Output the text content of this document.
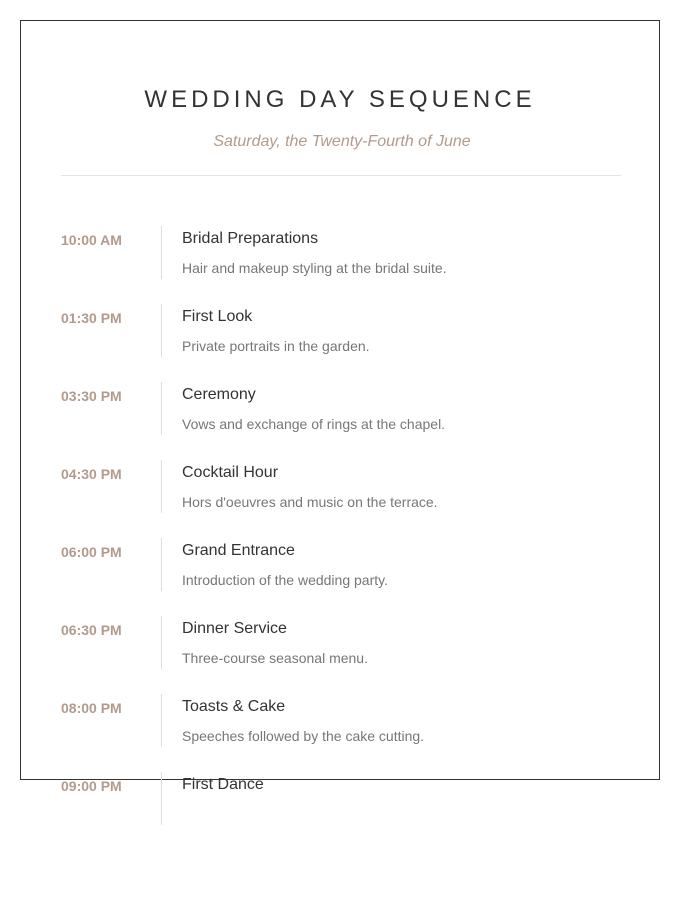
WEDDING DAY SEQUENCE
Saturday, the Twenty-Fourth of June
10:00 AM	Bridal Preparations
Hair and makeup styling at the bridal suite.
01:30 PM	First Look
Private portraits in the garden.
03:30 PM	Ceremony
Vows and exchange of rings at the chapel.
04:30 PM	Cocktail Hour
Hors d'oeuvres and music on the terrace.
06:00 PM	Grand Entrance
Introduction of the wedding party.
06:30 PM	Dinner Service
Three-course seasonal menu.
08:00 PM	Toasts & Cake
Speeches followed by the cake cutting.
09:00 PM	First Dance
